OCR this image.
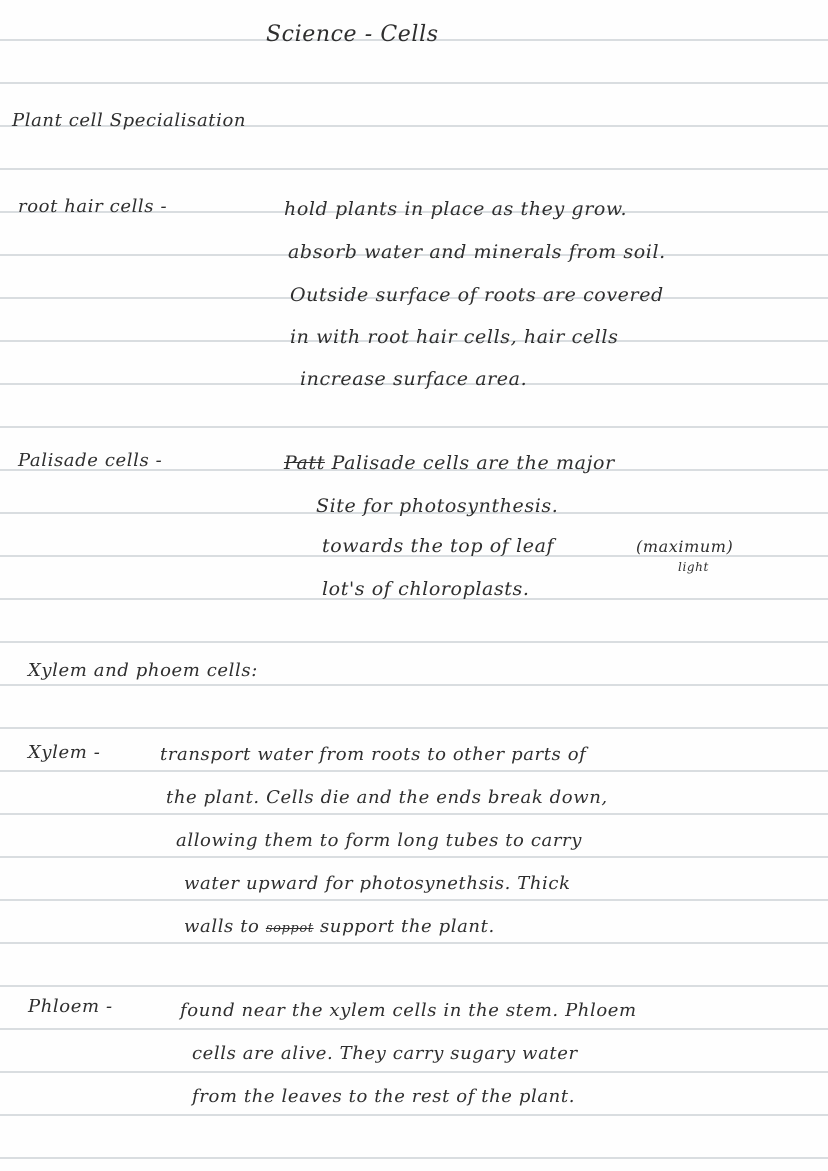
Science - Cells
Plant cell Specialisation
root hair cells -	hold plants in place as they grow.
absorb water and minerals from soil.
Outside surface of roots are covered
in with root hair cells, hair cells
increase surface area.
Palisade cells -	Patt Palisade cells are the major
Site for photosynthesis.
towards the top of leaf	(maximum)
light
lot's of chloroplasts.
Xylem and phoem cells:
Xylem -	transport water from roots to other parts of
the plant. Cells die and the ends break down,
allowing them to form long tubes to carry
water upward for photosynethsis. Thick
walls to soppot support the plant.
Phloem -	found near the xylem cells in the stem. Phloem
cells are alive. They carry sugary water
from the leaves to the rest of the plant.
